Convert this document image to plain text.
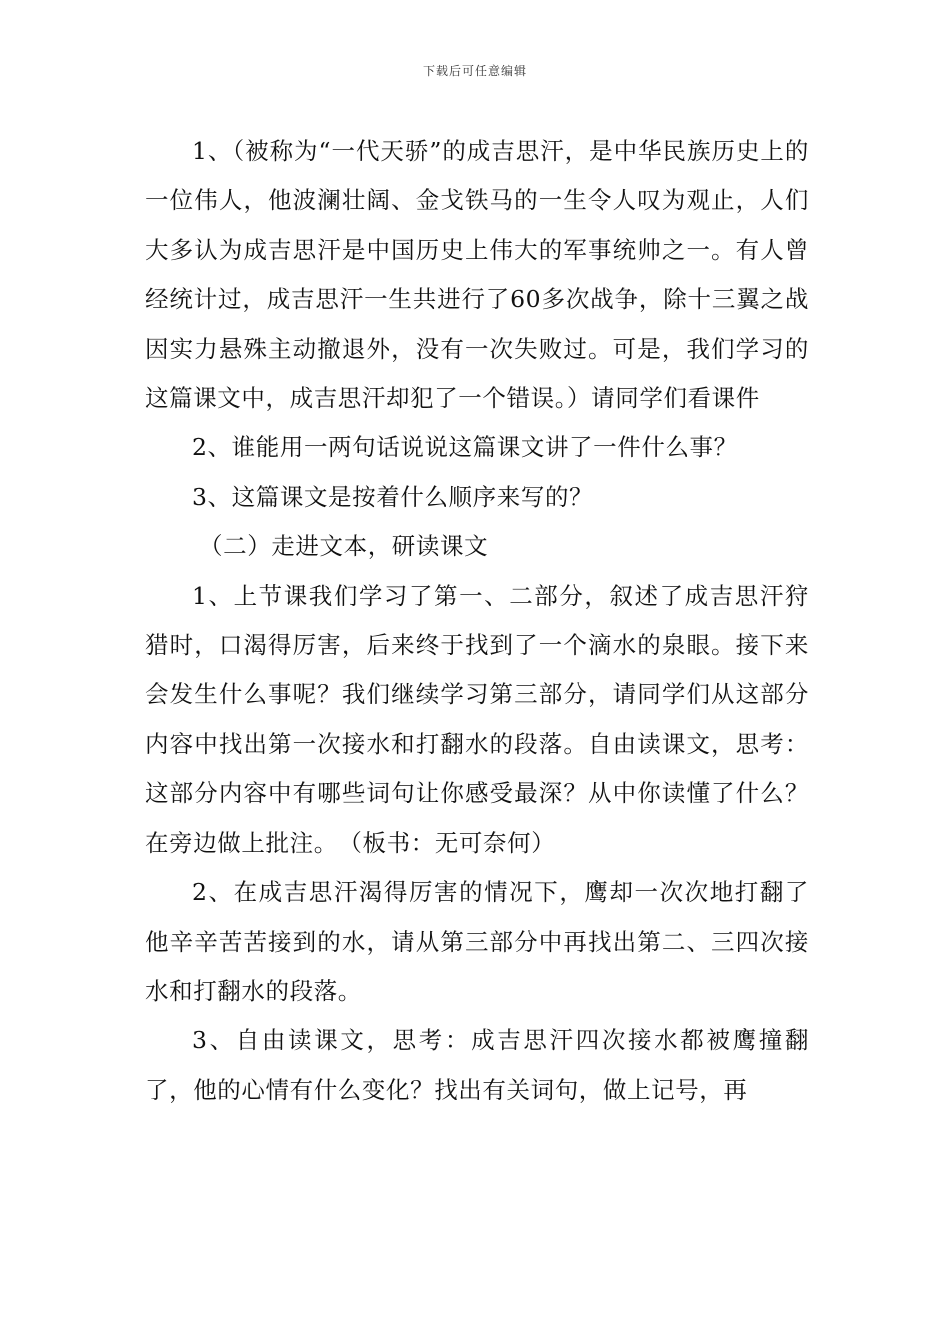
下载后可任意编辑

1、（被称为“一代天骄”的成吉思汗，是中华民族历史上的一位伟人，他波澜壮阔、金戈铁马的一生令人叹为观止，人们大多认为成吉思汗是中国历史上伟大的军事统帅之一。有人曾经统计过，成吉思汗一生共进行了60多次战争，除十三翼之战因实力悬殊主动撤退外，没有一次失败过。可是，我们学习的这篇课文中，成吉思汗却犯了一个错误。）请同学们看课件

2、谁能用一两句话说说这篇课文讲了一件什么事？

3、这篇课文是按着什么顺序来写的？

（二）走进文本，研读课文

1、上节课我们学习了第一、二部分，叙述了成吉思汗狩猎时，口渴得厉害，后来终于找到了一个滴水的泉眼。接下来会发生什么事呢？我们继续学习第三部分，请同学们从这部分内容中找出第一次接水和打翻水的段落。自由读课文，思考：这部分内容中有哪些词句让你感受最深？从中你读懂了什么？在旁边做上批注。　（板书：无可奈何）

2、在成吉思汗渴得厉害的情况下，鹰却一次次地打翻了他辛辛苦苦接到的水，请从第三部分中再找出第二、三四次接水和打翻水的段落。

3、自由读课文，思考：成吉思汗四次接水都被鹰撞翻了，他的心情有什么变化？找出有关词句，做上记号，再
